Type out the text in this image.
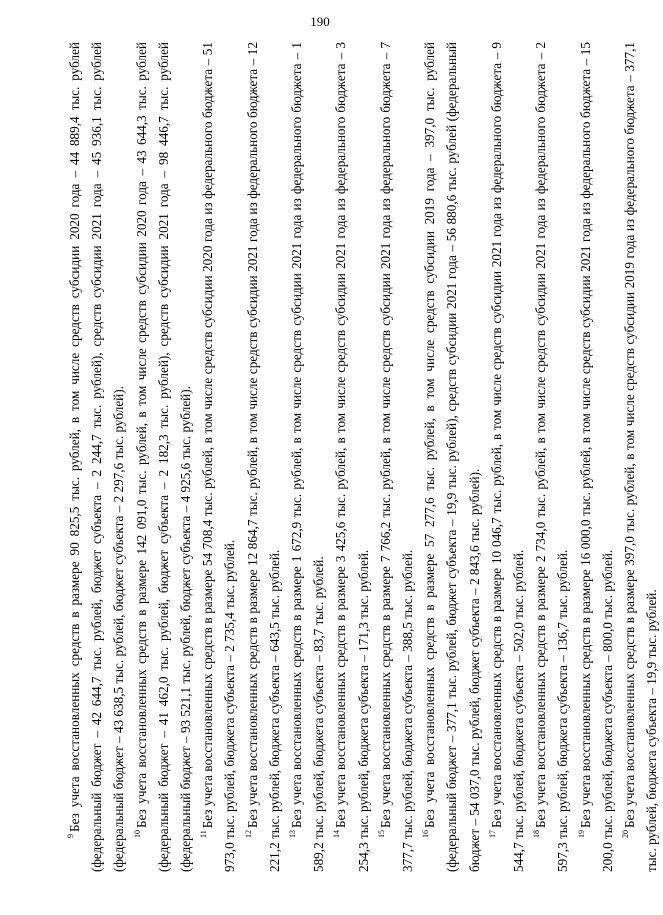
190

$^9$Без учета восстановленных средств в размере 90 825,5 тыс. рублей, в том числе средств субсидии 2020 года – 44 889,4 тыс. рублей (федеральный бюджет – 42 644,7 тыс. рублей, бюджет субъекта – 2 244,7 тыс. рублей), средств субсидии 2021 года – 45 936,1 тыс. рублей (федеральный бюджет – 43 638,5 тыс. рублей, бюджет субъекта – 2 297,6 тыс. рублей). $^{10}$Без учета восстановленных средств в размере 142 091,0 тыс. рублей, в том числе средств субсидии 2020 года – 43 644,3 тыс. рублей (федеральный бюджет – 41 462,0 тыс. рублей, бюджет субъекта – 2 182,3 тыс. рублей), средств субсидии 2021 года – 98 446,7 тыс. рублей (федеральный бюджет – 93 521,1 тыс. рублей, бюджет субъекта – 4 925,6 тыс. рублей). $^{11}$Без учета восстановленных средств в размере 54 708,4 тыс. рублей, в том числе средств субсидии 2020 года из федерального бюджета – 51 973,0 тыс. рублей, бюджета субъекта – 2 735,4 тыс. рублей. $^{12}$Без учета восстановленных средств в размере 12 864,7 тыс. рублей, в том числе средств субсидии 2021 года из федерального бюджета – 12 221,2 тыс. рублей, бюджета субъекта – 643,5 тыс. рублей. $^{13}$Без учета восстановленных средств в размере 1 672,9 тыс. рублей, в том числе средств субсидии 2021 года из федерального бюджета – 1 589,2 тыс. рублей, бюджета субъекта – 83,7 тыс. рублей. $^{14}$Без учета восстановленных средств в размере 3 425,6 тыс. рублей, в том числе средств субсидии 2021 года из федерального бюджета – 3 254,3 тыс. рублей, бюджета субъекта – 171,3 тыс. рублей. $^{15}$Без учета восстановленных средств в размере 7 766,2 тыс. рублей, в том числе средств субсидии 2021 года из федерального бюджета – 7 377,7 тыс. рублей, бюджета субъекта – 388,5 тыс. рублей. $^{16}$Без учета восстановленных средств в размере 57 277,6 тыс. рублей, в том числе средств субсидии 2019 года – 397,0 тыс. рублей (федеральный бюджет – 377,1 тыс. рублей, бюджет субъекта – 19,9 тыс. рублей), средств субсидии 2021 года – 56 880,6 тыс. рублей (федеральный бюджет – 54 037,0 тыс. рублей, бюджет субъекта – 2 843,6 тыс. рублей). $^{17}$Без учета восстановленных средств в размере 10 046,7 тыс. рублей, в том числе средств субсидии 2021 года из федерального бюджета – 9 544,7 тыс. рублей, бюджета субъекта – 502,0 тыс. рублей. $^{18}$Без учета восстановленных средств в размере 2 734,0 тыс. рублей, в том числе средств субсидии 2021 года из федерального бюджета – 2 597,3 тыс. рублей, бюджета субъекта – 136,7 тыс. рублей. $^{19}$Без учета восстановленных средств в размере 16 000,0 тыс. рублей, в том числе средств субсидии 2021 года из федерального бюджета – 15 200,0 тыс. рублей, бюджета субъекта – 800,0 тыс. рублей. $^{20}$Без учета восстановленных средств в размере 397,0 тыс. рублей, в том числе средств субсидии 2019 года из федерального бюджета – 377,1 тыс. рублей, бюджета субъекта – 19,9 тыс. рублей.
